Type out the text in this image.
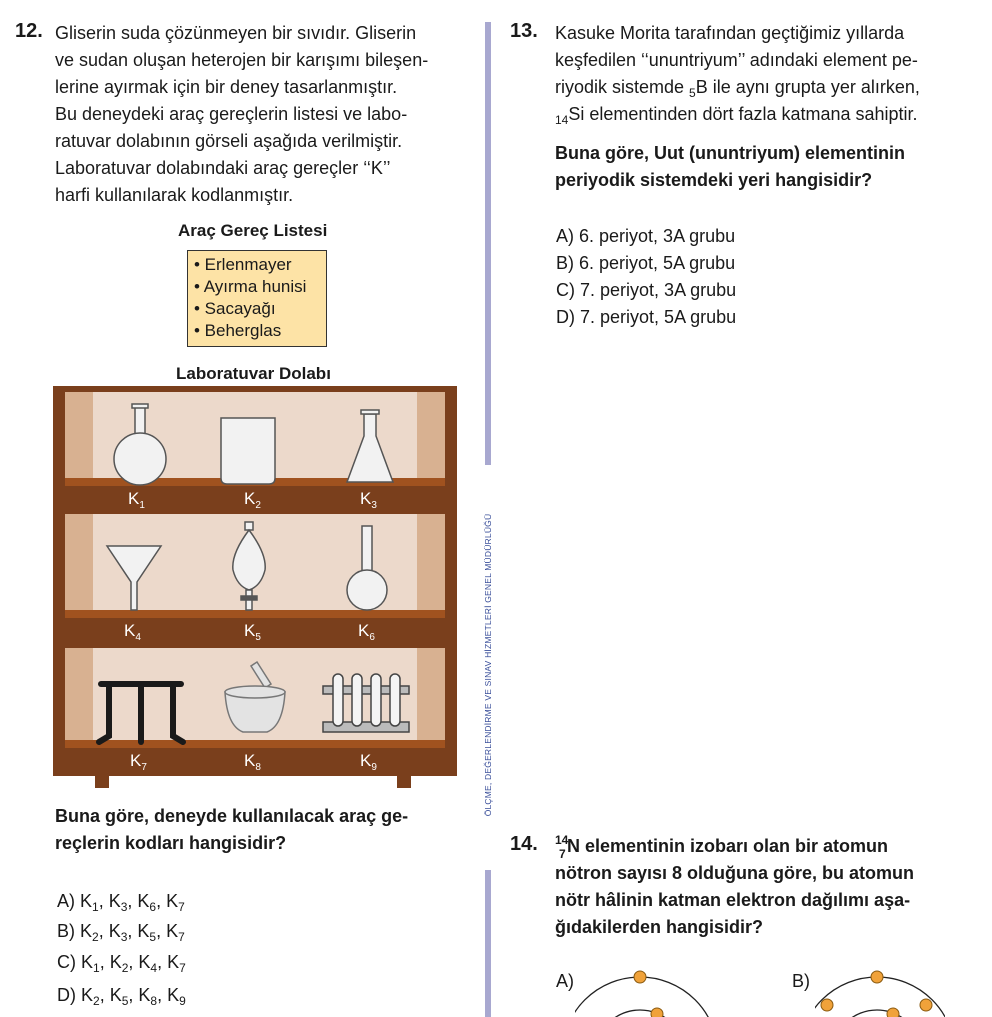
ÖLÇME, DEĞERLENDİRME VE SINAV HİZMETLERİ GENEL MÜDÜRLÜĞÜ
12. Gliserin suda çözünmeyen bir sıvıdır. Gliserin
ve sudan oluşan heterojen bir karışımı bileşen-
lerine ayırmak için bir deney tasarlanmıştır.
Bu deneydeki araç gereçlerin listesi ve labo-
ratuvar dolabının görseli aşağıda verilmiştir.
Laboratuvar dolabındaki araç gereçler ‘‘K’’
harfi kullanılarak kodlanmıştır.
Araç Gereç Listesi
• Erlenmayer
• Ayırma hunisi
• Sacayağı
• Beherglas
Laboratuvar Dolabı
$K_1$	$K_2$	$K_3$
$K_4$	$K_5$	$K_6$
$K_7$	$K_8$	$K_9$
Buna göre, deneyde kullanılacak araç ge-
reçlerin kodları hangisidir?
A) $K_1$, $K_3$, $K_6$, $K_7$
B) $K_2$, $K_3$, $K_5$, $K_7$
C) $K_1$, $K_2$, $K_4$, $K_7$
D) $K_2$, $K_5$, $K_8$, $K_9$
13. Kasuke Morita tarafından geçtiğimiz yıllarda
keşfedilen ‘‘ununtriyum’’ adındaki element pe-
riyodik sistemde $_5$B ile aynı grupta yer alırken,
$_{14}$Si elementinden dört fazla katmana sahiptir.
Buna göre, Uut (ununtriyum) elementinin
periyodik sistemdeki yeri hangisidir?
A) 6. periyot, 3A grubu
B) 6. periyot, 5A grubu
C) 7. periyot, 3A grubu
D) 7. periyot, 5A grubu
14. 14
7 N elementinin izobarı olan bir atomun
nötron sayısı 8 olduğuna göre, bu atomun
nötr hâlinin katman elektron dağılımı aşa-
ğıdakilerden hangisidir?
A)	B)
